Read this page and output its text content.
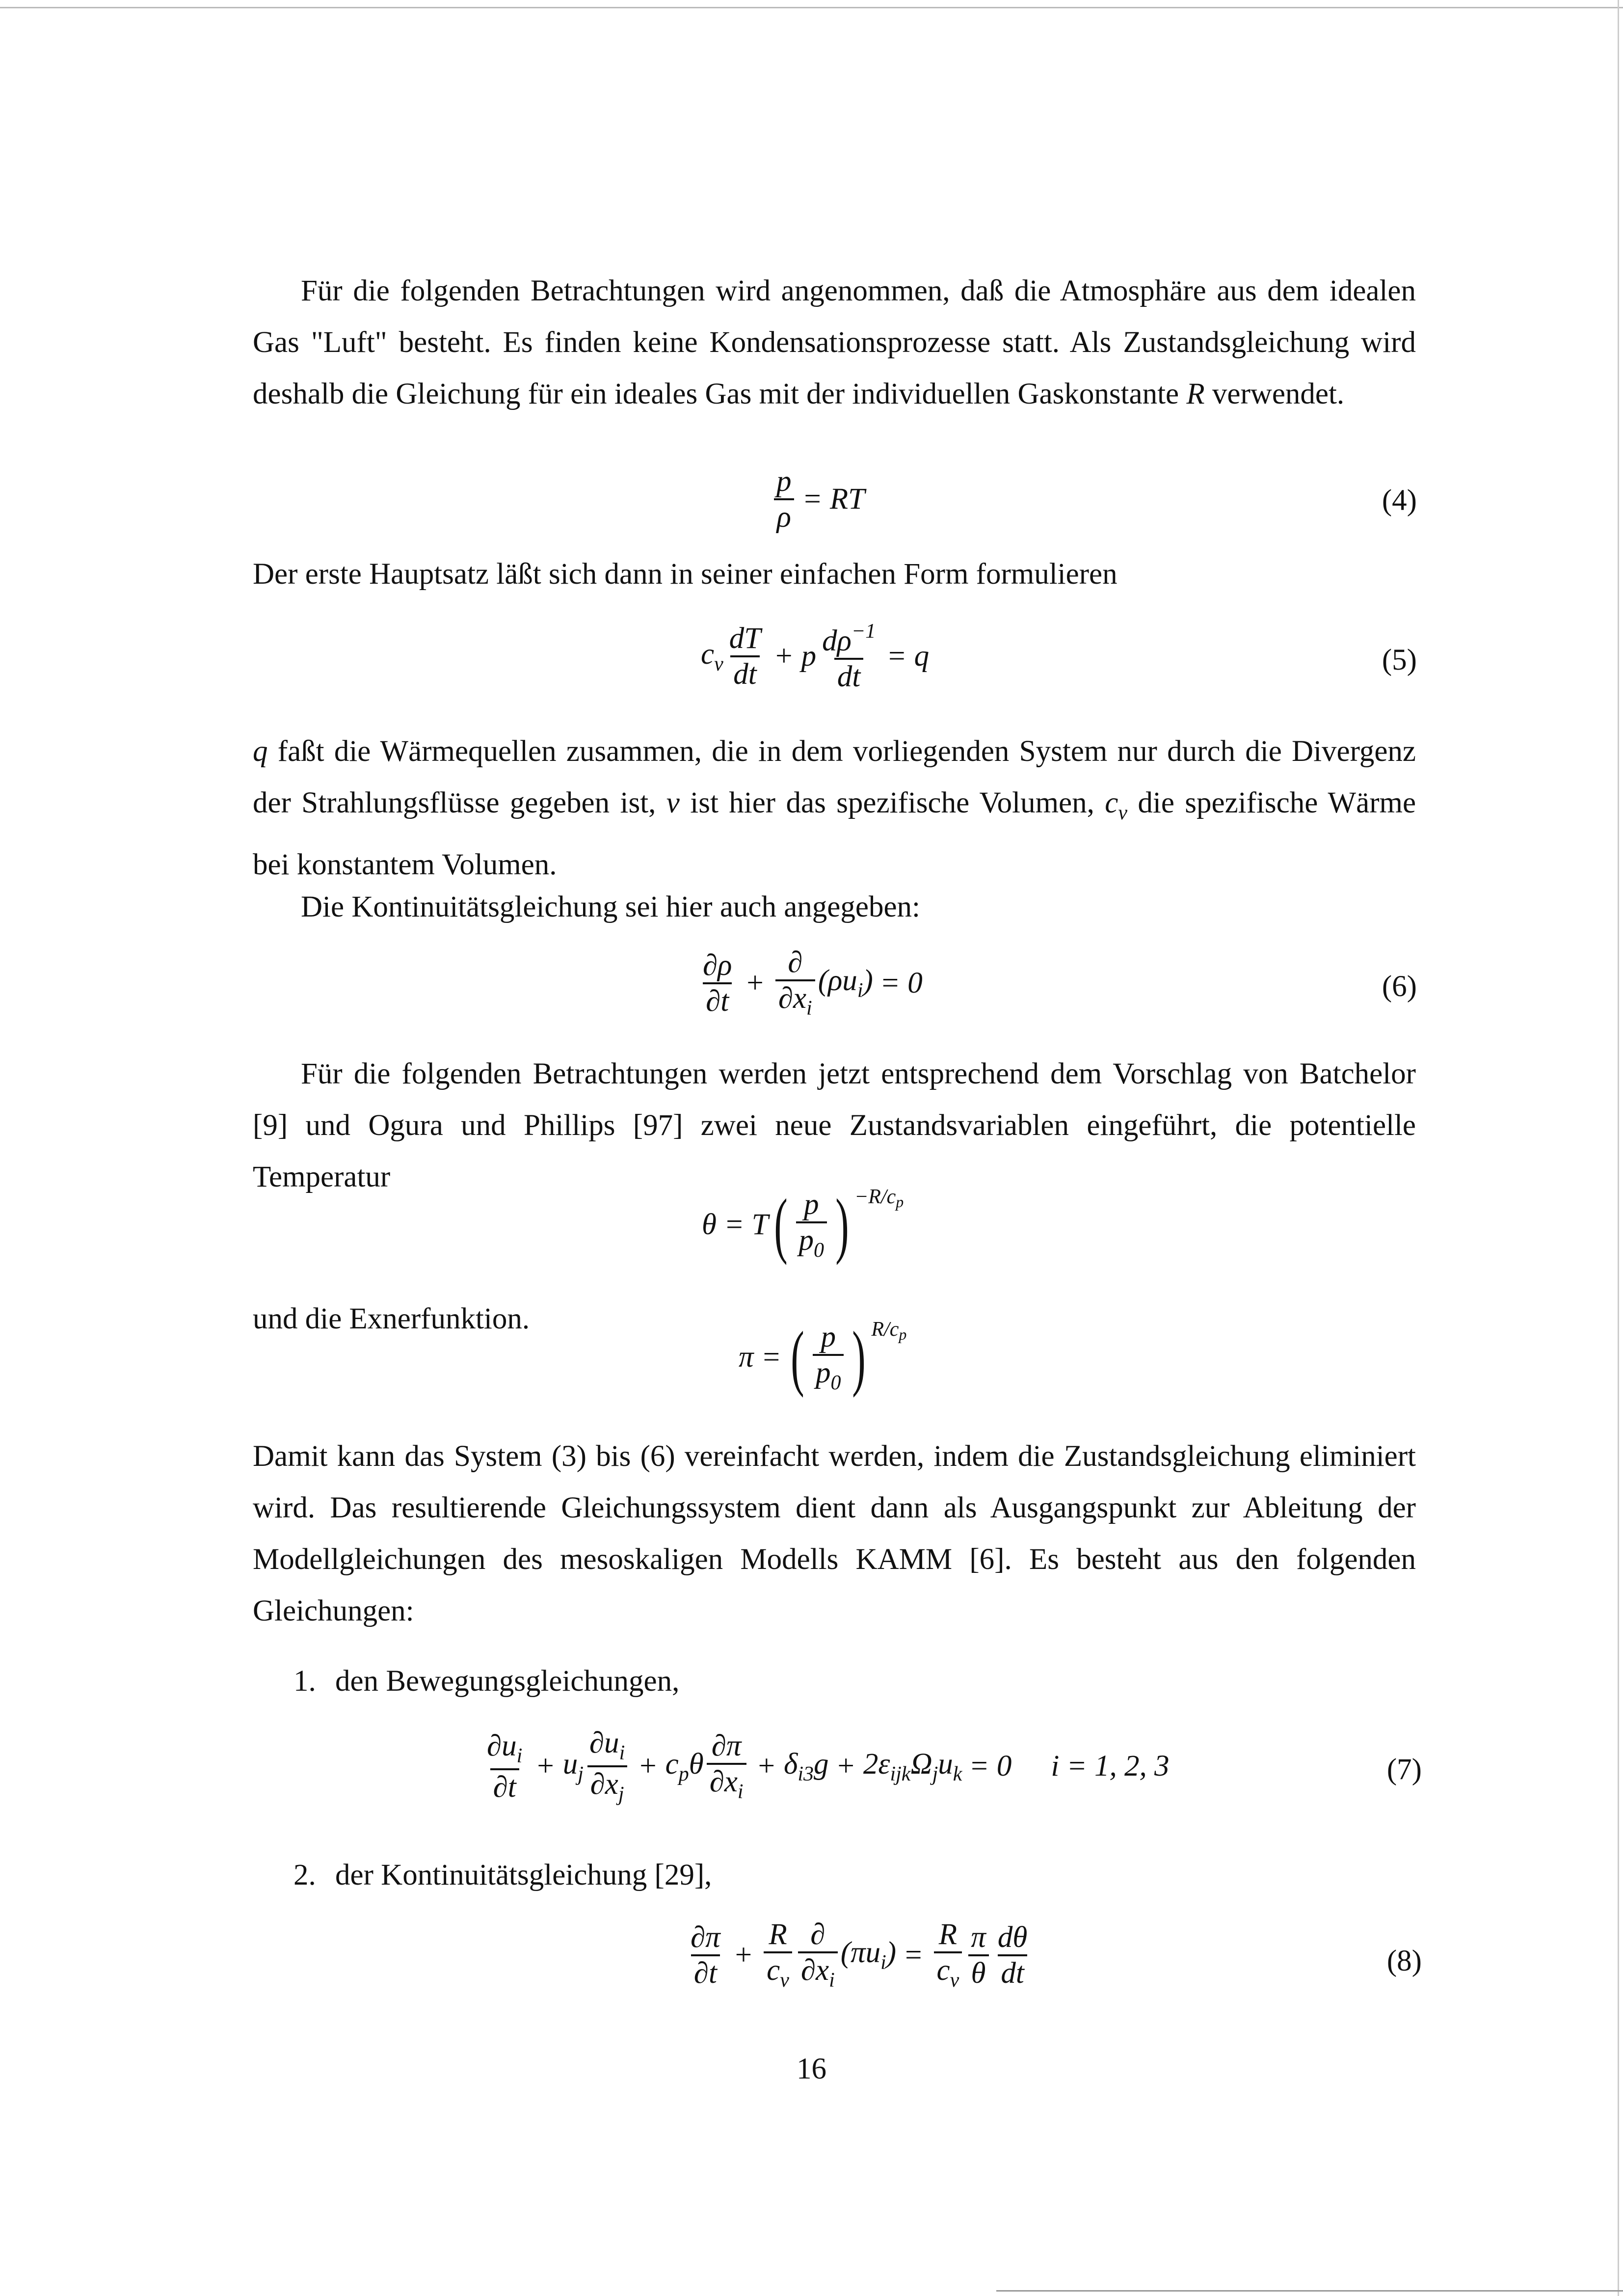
Für die folgenden Betrachtungen wird angenommen, daß die Atmosphäre aus dem idealen Gas "Luft" besteht. Es finden keine Kondensationsprozesse statt. Als Zustandsgleichung wird deshalb die Gleichung für ein ideales Gas mit der individuellen Gaskonstante R verwendet.
$\frac{p}{\rho}$ = RT	(4)
Der erste Hauptsatz läßt sich dann in seiner einfachen Form formulieren
$c_v \frac{dT}{dt} + p \frac{d\rho^{-1}}{dt} = q$	(5)
q faßt die Wärmequellen zusammen, die in dem vorliegenden System nur durch die Divergenz der Strahlungsflüsse gegeben ist, v ist hier das spezifische Volumen, $c_v$ die spezifische Wärme bei konstantem Volumen.
Die Kontinuitätsgleichung sei hier auch angegeben:
$\frac{\partial\rho}{\partial t} + \frac{\partial}{\partial x_i} (\rho u_i) = 0$	(6)
Für die folgenden Betrachtungen werden jetzt entsprechend dem Vorschlag von Batchelor [9] und Ogura und Phillips [97] zwei neue Zustandsvariablen eingeführt, die potentielle Temperatur
θ = T ( $\frac{p}{p_0}$ ) −R/cp
und die Exnerfunktion.
π = ( $\frac{p}{p_0}$ ) R/cp
Damit kann das System (3) bis (6) vereinfacht werden, indem die Zustandsgleichung eliminiert wird. Das resultierende Gleichungssystem dient dann als Ausgangspunkt zur Ableitung der Modellgleichungen des mesoskaligen Modells KAMM [6]. Es besteht aus den folgenden Gleichungen:
1. den Bewegungsgleichungen,
$\frac{\partial u_i}{\partial t} + u_j \frac{\partial u_i}{\partial x_j} + c_p\theta \frac{\partial\pi}{\partial x_i} + \delta_{i3}g + 2\varepsilon_{ijk}\Omega_ju_k = 0$ i = 1, 2, 3	(7)
2. der Kontinuitätsgleichung [29],
$\frac{\partial\pi}{\partial t} + \frac{R}{c_v} \frac{\partial}{\partial x_i} (\pi u_i) = \frac{R}{c_v} \frac{\pi}{\theta} \frac{d\theta}{dt}$	(8)
16
